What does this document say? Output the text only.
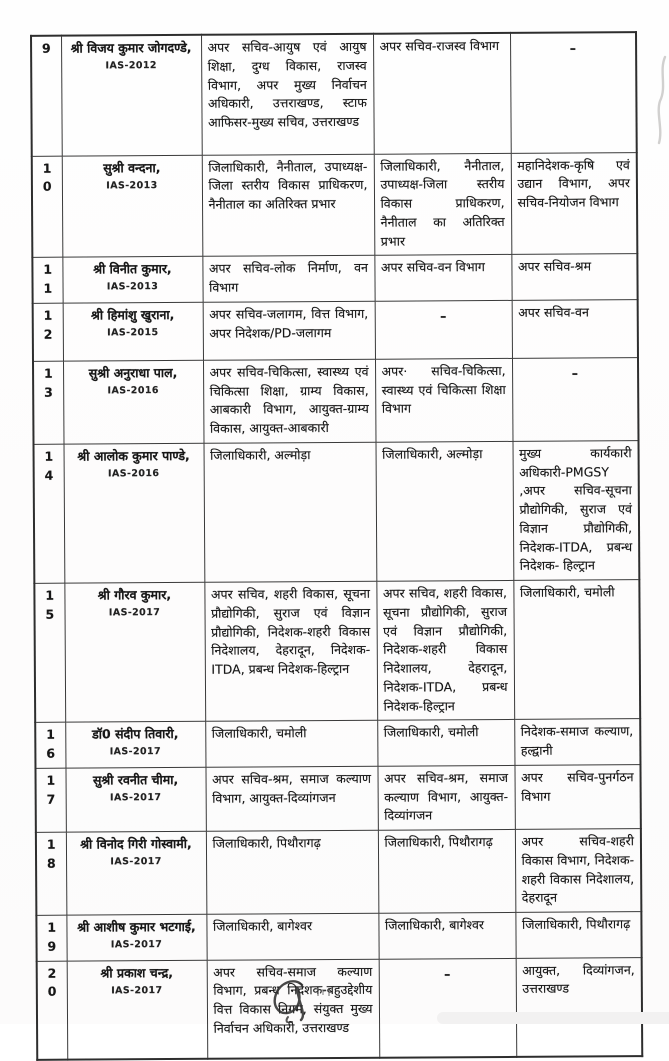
9	श्री विजय कुमार जोगदण्डे,
IAS-2012	अपर सचिव-आयुष एवं आयुष शिक्षा, दुग्ध विकास, राजस्व विभाग, अपर मुख्य निर्वाचन अधिकारी, उत्तराखण्ड, स्टाफ आफिसर-मुख्य सचिव, उत्तराखण्ड	अपर सचिव-राजस्व विभाग	–
10	सुश्री वन्दना,
IAS-2013	जिलाधिकारी, नैनीताल, उपाध्यक्ष-जिला स्तरीय विकास प्राधिकरण, नैनीताल का अतिरिक्त प्रभार	जिलाधिकारी, नैनीताल, उपाध्यक्ष-जिला स्तरीय विकास प्राधिकरण, नैनीताल का अतिरिक्त प्रभार	महानिदेशक-कृषि एवं उद्यान विभाग, अपर सचिव-नियोजन विभाग
11	श्री विनीत कुमार,
IAS-2013	अपर सचिव-लोक निर्माण, वन विभाग	अपर सचिव-वन विभाग	अपर सचिव-श्रम
12	श्री हिमांशु खुराना,
IAS-2015	अपर सचिव-जलागम, वित्त विभाग, अपर निदेशक/PD-जलागम	–	अपर सचिव-वन
13	सुश्री अनुराधा पाल,
IAS-2016	अपर सचिव-चिकित्सा, स्वास्थ्य एवं चिकित्सा शिक्षा, ग्राम्य विकास, आबकारी विभाग, आयुक्त-ग्राम्य विकास, आयुक्त-आबकारी	अपर· सचिव-चिकित्सा, स्वास्थ्य एवं चिकित्सा शिक्षा विभाग	–
14	श्री आलोक कुमार पाण्डे,
IAS-2016	जिलाधिकारी, अल्मोड़ा	जिलाधिकारी, अल्मोड़ा	मुख्य कार्यकारी अधिकारी-PMGSY ,अपर सचिव-सूचना प्रौद्योगिकी, सुराज एवं विज्ञान प्रौद्योगिकी, निदेशक-ITDA, प्रबन्ध निदेशक- हिल्ट्रान
15	श्री गौरव कुमार,
IAS-2017	अपर सचिव, शहरी विकास, सूचना प्रौद्योगिकी, सुराज एवं विज्ञान प्रौद्योगिकी, निदेशक-शहरी विकास निदेशालय, देहरादून, निदेशक-ITDA, प्रबन्ध निदेशक-हिल्ट्रान	अपर सचिव, शहरी विकास, सूचना प्रौद्योगिकी, सुराज एवं विज्ञान प्रौद्योगिकी, निदेशक-शहरी विकास निदेशालय, देहरादून, निदेशक-ITDA, प्रबन्ध निदेशक-हिल्ट्रान	जिलाधिकारी, चमोली
16	डॉ0 संदीप तिवारी,
IAS-2017	जिलाधिकारी, चमोली	जिलाधिकारी, चमोली	निदेशक-समाज कल्याण, हल्द्वानी
17	सुश्री रवनीत चीमा,
IAS-2017	अपर सचिव-श्रम, समाज कल्याण विभाग, आयुक्त-दिव्यांगजन	अपर सचिव-श्रम, समाज कल्याण विभाग, आयुक्त-दिव्यांगजन	अपर सचिव-पुनर्गठन विभाग
18	श्री विनोद गिरी गोस्वामी,
IAS-2017	जिलाधिकारी, पिथौरागढ़	जिलाधिकारी, पिथौरागढ़	अपर सचिव-शहरी विकास विभाग, निदेशक-शहरी विकास निदेशालय, देहरादून
19	श्री आशीष कुमार भटगाई,
IAS-2017	जिलाधिकारी, बागेश्वर	जिलाधिकारी, बागेश्वर	जिलाधिकारी, पिथौरागढ़
20	श्री प्रकाश चन्द्र,
IAS-2017	अपर सचिव-समाज कल्याण विभाग, प्रबन्ध निदेशक-बहुउद्देशीय वित्त विकास निगम, संयुक्त मुख्य निर्वाचन अधिकारी, उत्तराखण्ड	–	आयुक्त, दिव्यांगजन, उत्तराखण्ड
